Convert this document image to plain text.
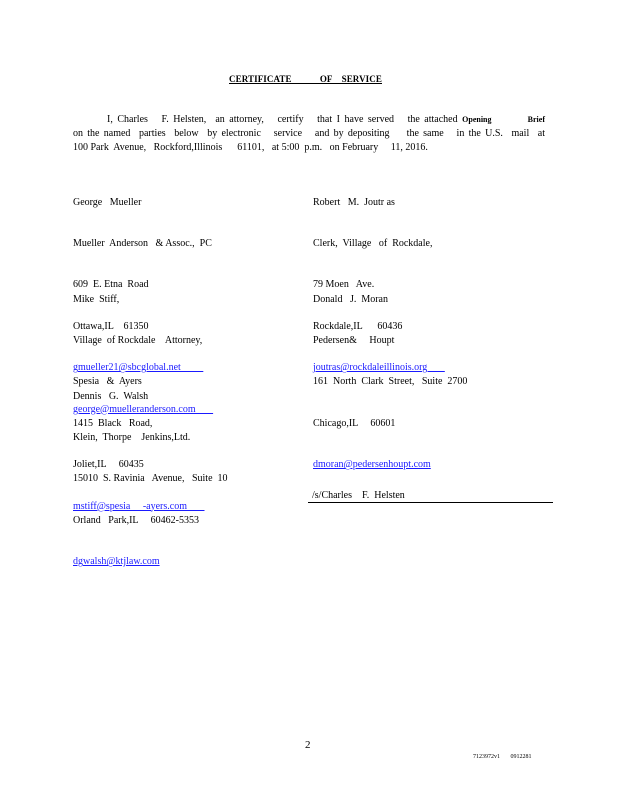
CERTIFICATE            OF    SERVICE
I, Charles   F. Helsten,  an attorney,   certify   that I have served   the attached Opening	Brief
on the named  parties  below  by electronic   service   and by depositing    the same   in the U.S.  mail  at
100 Park  Avenue,   Rockford,Illinois      61101,   at 5:00  p.m.   on February     11, 2016.

George   Mueller

Mueller  Anderson   & Assoc.,  PC

609  E. Etna  Road

Ottawa,IL    61350

gmueller21@sbcglobal.net

george@muelleranderson.com

Robert   M.  Joutr as

Clerk,  Village   of  Rockdale,

79 Moen   Ave.

Rockdale,IL      60436

joutras@rockdaleillinois.org

Mike  Stiff,

Village  of Rockdale    Attorney,

Spesia   &  Ayers

1415  Black   Road,

Joliet,IL     60435

mstiff@spesia     -ayers.com

Donald   J.  Moran

Pedersen&     Houpt

161  North  Clark  Street,   Suite  2700

Chicago,IL     60601

dmoran@pedersenhoupt.com

Dennis   G.  Walsh

Klein,  Thorpe    Jenkins,Ltd.

15010  S. Ravinia   Avenue,   Suite  10

Orland   Park,IL     60462-5353

dgwalsh@ktjlaw.com

/s/Charles    F.  Helsten
2
7123972v1       0912281
